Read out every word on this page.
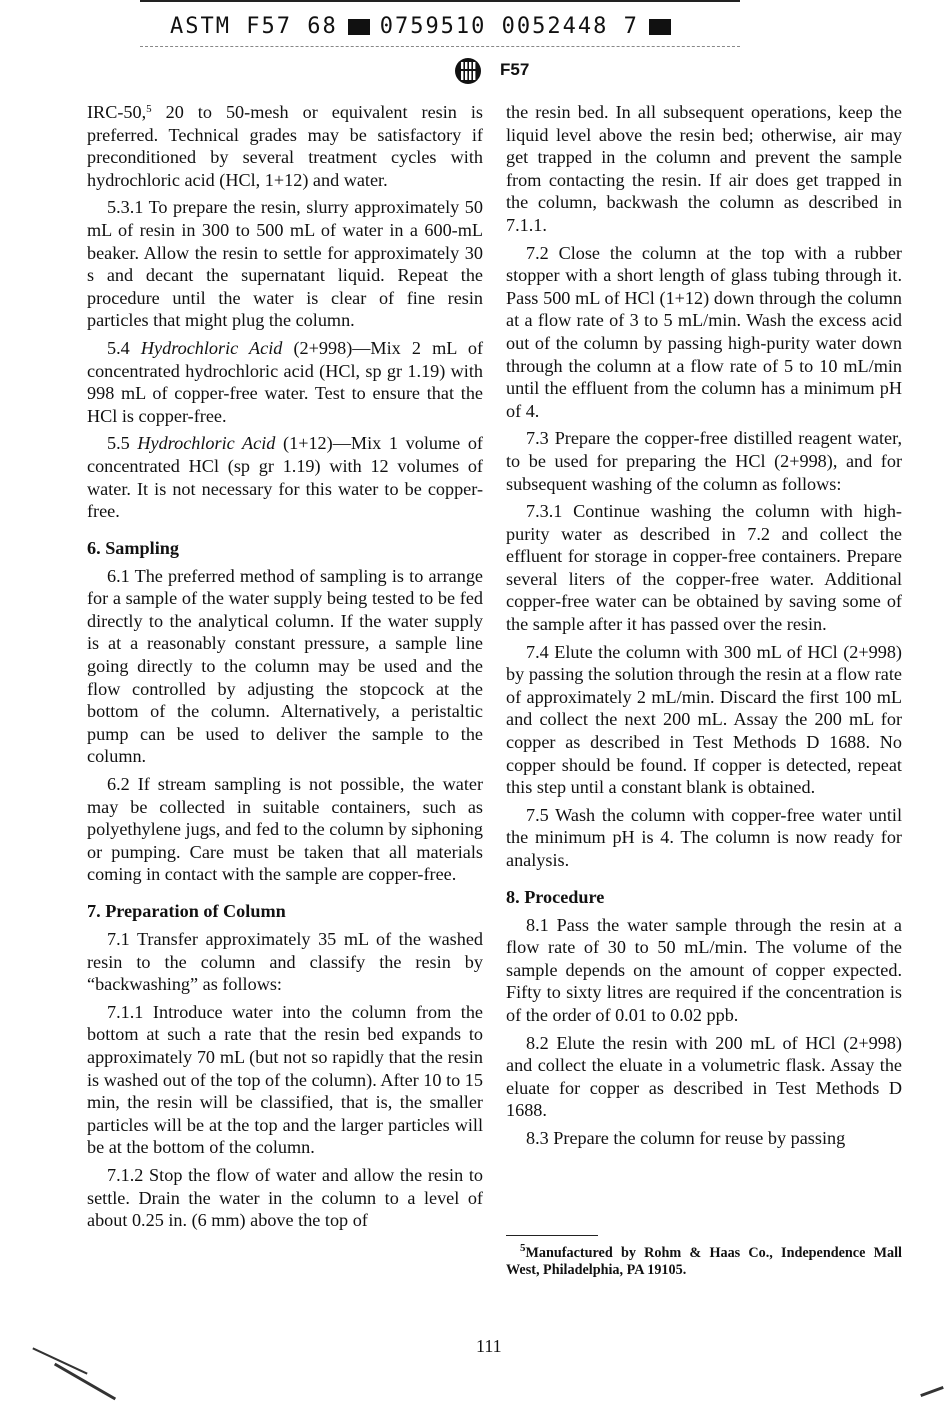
ASTM F57 68 0759510 0052448 7
F57

IRC-50,$^5$ 20 to 50-mesh or equivalent resin is preferred. Technical grades may be satisfactory if preconditioned by several treatment cycles with hydrochloric acid (HCl, 1+12) and water.

5.3.1 To prepare the resin, slurry approximately 50 mL of resin in 300 to 500 mL of water in a 600-mL beaker. Allow the resin to settle for approximately 30 s and decant the supernatant liquid. Repeat the procedure until the water is clear of fine resin particles that might plug the column.

5.4 Hydrochloric Acid (2+998)—Mix 2 mL of concentrated hydrochloric acid (HCl, sp gr 1.19) with 998 mL of copper-free water. Test to ensure that the HCl is copper-free.

5.5 Hydrochloric Acid (1+12)—Mix 1 volume of concentrated HCl (sp gr 1.19) with 12 volumes of water. It is not necessary for this water to be copper-free.

6. Sampling

6.1 The preferred method of sampling is to arrange for a sample of the water supply being tested to be fed directly to the analytical column. If the water supply is at a reasonably constant pressure, a sample line going directly to the column may be used and the flow controlled by adjusting the stopcock at the bottom of the column. Alternatively, a peristaltic pump can be used to deliver the sample to the column.

6.2 If stream sampling is not possible, the water may be collected in suitable containers, such as polyethylene jugs, and fed to the column by siphoning or pumping. Care must be taken that all materials coming in contact with the sample are copper-free.

7. Preparation of Column

7.1 Transfer approximately 35 mL of the washed resin to the column and classify the resin by “backwashing” as follows:

7.1.1 Introduce water into the column from the bottom at such a rate that the resin bed expands to approximately 70 mL (but not so rapidly that the resin is washed out of the top of the column). After 10 to 15 min, the resin will be classified, that is, the smaller particles will be at the top and the larger particles will be at the bottom of the column.

7.1.2 Stop the flow of water and allow the resin to settle. Drain the water in the column to a level of about 0.25 in. (6 mm) above the top of

the resin bed. In all subsequent operations, keep the liquid level above the resin bed; otherwise, air may get trapped in the column and prevent the sample from contacting the resin. If air does get trapped in the column, backwash the column as described in 7.1.1.

7.2 Close the column at the top with a rubber stopper with a short length of glass tubing through it. Pass 500 mL of HCl (1+12) down through the column at a flow rate of 3 to 5 mL/min. Wash the excess acid out of the column by passing high-purity water down through the column at a flow rate of 5 to 10 mL/min until the effluent from the column has a minimum pH of 4.

7.3 Prepare the copper-free distilled reagent water, to be used for preparing the HCl (2+998), and for subsequent washing of the column as follows:

7.3.1 Continue washing the column with high-purity water as described in 7.2 and collect the effluent for storage in copper-free containers. Prepare several liters of the copper-free water. Additional copper-free water can be obtained by saving some of the sample after it has passed over the resin.

7.4 Elute the column with 300 mL of HCl (2+998) by passing the solution through the resin at a flow rate of approximately 2 mL/min. Discard the first 100 mL and collect the next 200 mL. Assay the 200 mL for copper as described in Test Methods D 1688. No copper should be found. If copper is detected, repeat this step until a constant blank is obtained.

7.5 Wash the column with copper-free water until the minimum pH is 4. The column is now ready for analysis.

8. Procedure

8.1 Pass the water sample through the resin at a flow rate of 30 to 50 mL/min. The volume of the sample depends on the amount of copper expected. Fifty to sixty litres are required if the concentration is of the order of 0.01 to 0.02 ppb.

8.2 Elute the resin with 200 mL of HCl (2+998) and collect the eluate in a volumetric flask. Assay the eluate for copper as described in Test Methods D 1688.

8.3 Prepare the column for reuse by passing

$^5$Manufactured by Rohm & Haas Co., Independence Mall West, Philadelphia, PA 19105.

111
